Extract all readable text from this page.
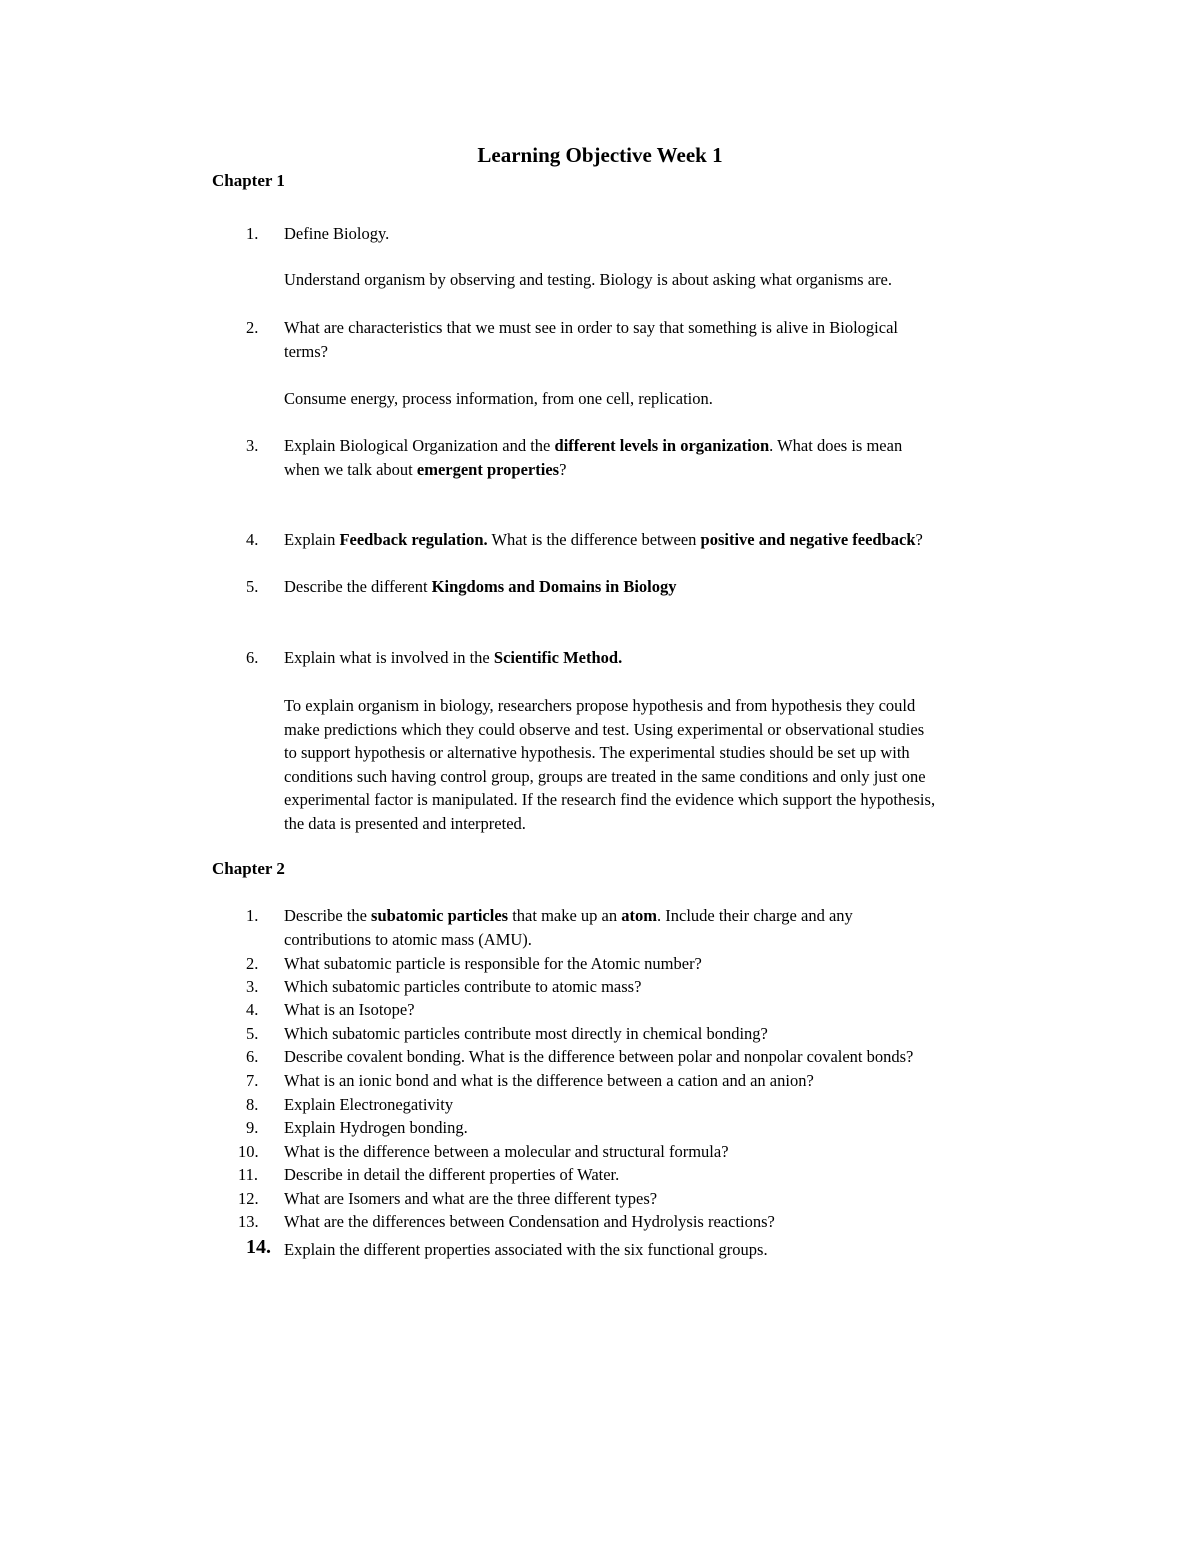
Learning Objective Week 1
Chapter 1
1. Define Biology.
Understand organism by observing and testing. Biology is about asking what organisms are.
2. What are characteristics that we must see in order to say that something is alive in Biological
terms?
Consume energy, process information, from one cell, replication.
3. Explain Biological Organization and the different levels in organization. What does is mean
when we talk about emergent properties?
4. Explain Feedback regulation. What is the difference between positive and negative feedback?
5. Describe the different Kingdoms and Domains in Biology
6. Explain what is involved in the Scientific Method.
To explain organism in biology, researchers propose hypothesis and from hypothesis they could
make predictions which they could observe and test. Using experimental or observational studies
to support hypothesis or alternative hypothesis. The experimental studies should be set up with
conditions such having control group, groups are treated in the same conditions and only just one
experimental factor is manipulated. If the research find the evidence which support the hypothesis,
the data is presented and interpreted.
Chapter 2
1. Describe the subatomic particles that make up an atom. Include their charge and any
contributions to atomic mass (AMU).
2. What subatomic particle is responsible for the Atomic number?
3. Which subatomic particles contribute to atomic mass?
4. What is an Isotope?
5. Which subatomic particles contribute most directly in chemical bonding?
6. Describe covalent bonding. What is the difference between polar and nonpolar covalent bonds?
7. What is an ionic bond and what is the difference between a cation and an anion?
8. Explain Electronegativity
9. Explain Hydrogen bonding.
10. What is the difference between a molecular and structural formula?
11. Describe in detail the different properties of Water.
12. What are Isomers and what are the three different types?
13. What are the differences between Condensation and Hydrolysis reactions?
14. Explain the different properties associated with the six functional groups.
